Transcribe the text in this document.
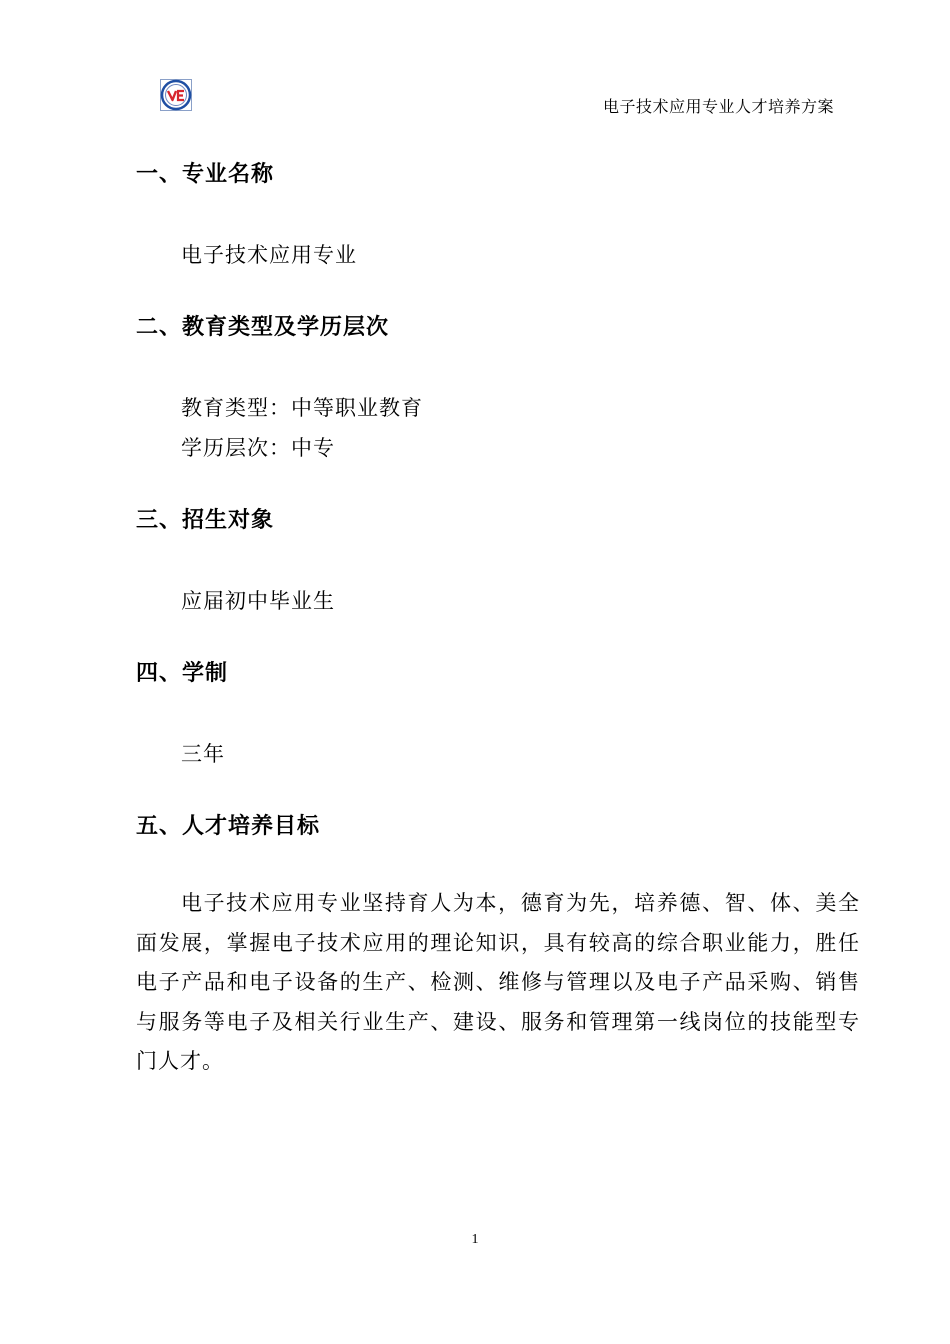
电子技术应用专业人才培养方案
一、专业名称
电子技术应用专业
二、教育类型及学历层次
教育类型：中等职业教育
学历层次：中专
三、招生对象
应届初中毕业生
四、学制
三年
五、人才培养目标
电子技术应用专业坚持育人为本，德育为先，培养德、智、体、美全面发展，掌握电子技术应用的理论知识，具有较高的综合职业能力，胜任电子产品和电子设备的生产、检测、维修与管理以及电子产品采购、销售与服务等电子及相关行业生产、建设、服务和管理第一线岗位的技能型专门人才。
1
